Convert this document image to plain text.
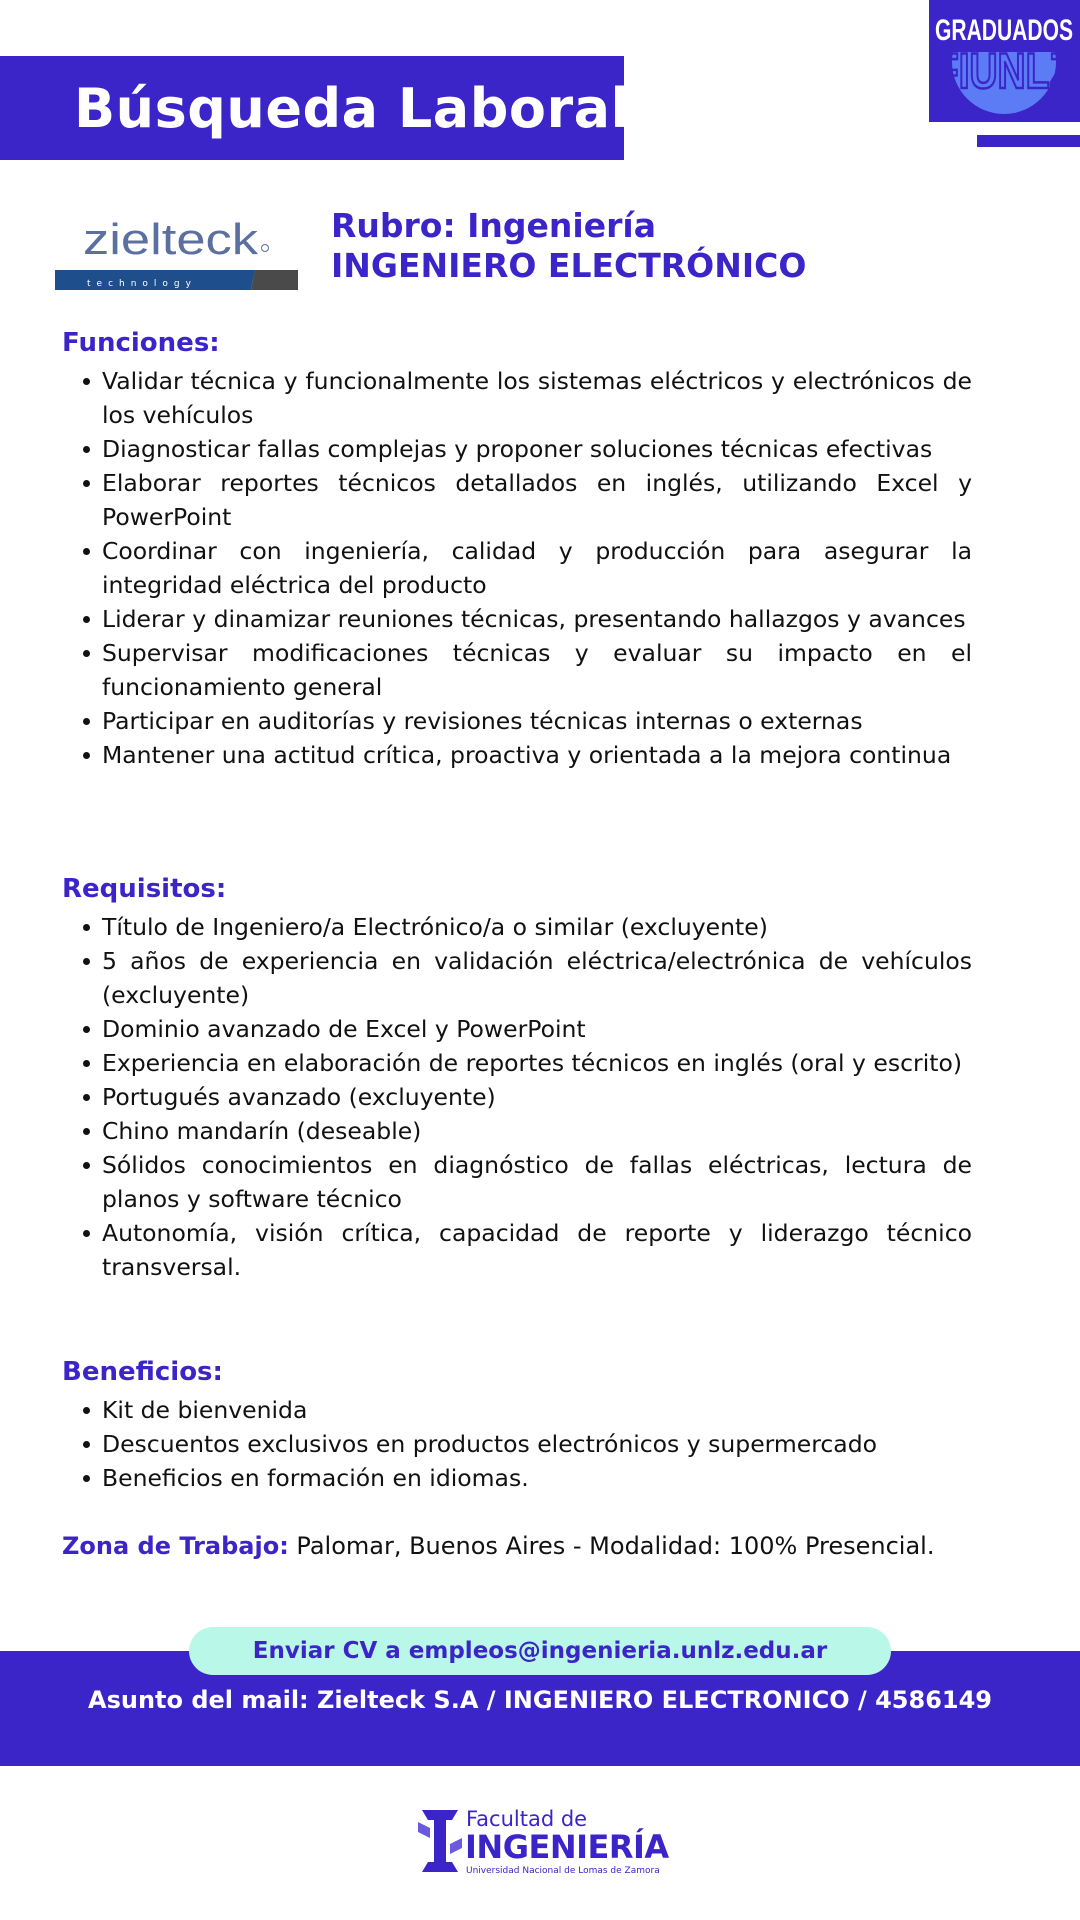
Búsqueda Laboral
GRADUADOS
FIUNLZ
zielteck
technology
Rubro: Ingeniería
INGENIERO ELECTRÓNICO
Funciones:
Validar técnica y funcionalmente los sistemas eléctricos y electrónicos de los vehículos
Diagnosticar fallas complejas y proponer soluciones técnicas efectivas
Elaborar reportes técnicos detallados en inglés, utilizando Excel y PowerPoint
Coordinar con ingeniería, calidad y producción para asegurar la integridad eléctrica del producto
Liderar y dinamizar reuniones técnicas, presentando hallazgos y avances
Supervisar modificaciones técnicas y evaluar su impacto en el funcionamiento general
Participar en auditorías y revisiones técnicas internas o externas
Mantener una actitud crítica, proactiva y orientada a la mejora continua
Requisitos:
Título de Ingeniero/a Electrónico/a o similar (excluyente)
5 años de experiencia en validación eléctrica/electrónica de vehículos (excluyente)
Dominio avanzado de Excel y PowerPoint
Experiencia en elaboración de reportes técnicos en inglés (oral y escrito)
Portugués avanzado (excluyente)
Chino mandarín (deseable)
Sólidos conocimientos en diagnóstico de fallas eléctricas, lectura de planos y software técnico
Autonomía, visión crítica, capacidad de reporte y liderazgo técnico transversal.
Beneficios:
Kit de bienvenida
Descuentos exclusivos en productos electrónicos y supermercado
Beneficios en formación en idiomas.
Zona de Trabajo: Palomar, Buenos Aires - Modalidad: 100% Presencial.
Enviar CV a empleos@ingenieria.unlz.edu.ar
Asunto del mail: Zielteck S.A / INGENIERO ELECTRONICO / 4586149
Facultad de
INGENIERÍA
Universidad Nacional de Lomas de Zamora
